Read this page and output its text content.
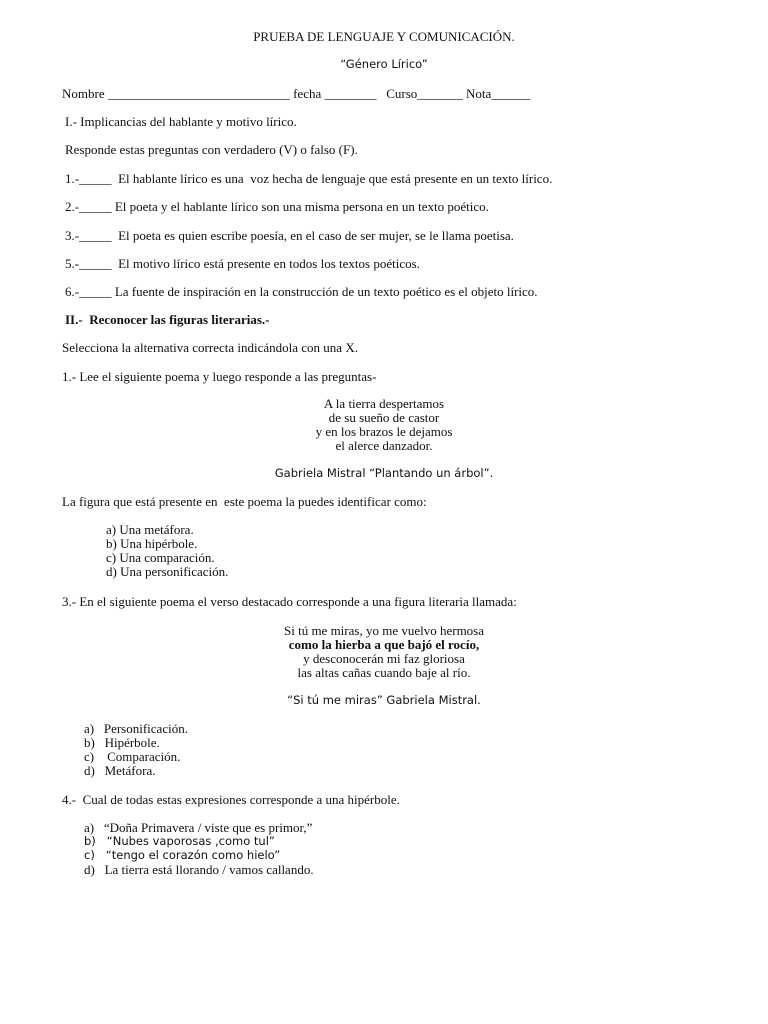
PRUEBA DE LENGUAJE Y COMUNICACIÓN.
“Género Lírico”
Nombre ____________________________ fecha ________   Curso_______ Nota______
I.- Implicancias del hablante y motivo lírico.
Responde estas preguntas con verdadero (V) o falso (F).
1.-_____  El hablante lírico es una  voz hecha de lenguaje que está presente en un texto lírico.
2.-_____ El poeta y el hablante lírico son una misma persona en un texto poético.
3.-_____  El poeta es quien escribe poesía, en el caso de ser mujer, se le llama poetisa.
5.-_____  El motivo lírico está presente en todos los textos poéticos.
6.-_____ La fuente de inspiración en la construcción de un texto poético es el objeto lírico.
II.-  Reconocer las figuras literarias.-
Selecciona la alternativa correcta indicándola con una X.
1.- Lee el siguiente poema y luego responde a las preguntas-
A la tierra despertamos
de su sueño de castor
y en los brazos le dejamos
el alerce danzador.
Gabriela Mistral “Plantando un árbol”.
La figura que está presente en  este poema la puedes identificar como:
a) Una metáfora.
b) Una hipérbole.
c) Una comparación.
d) Una personificación.
3.- En el siguiente poema el verso destacado corresponde a una figura literaria llamada:
Si tú me miras, yo me vuelvo hermosa
como la hierba a que bajó el rocío,
y desconocerán mi faz gloriosa
las altas cañas cuando baje al río.
“Si tú me miras” Gabriela Mistral.
a)   Personificación.
b)   Hipérbole.
c)    Comparación.
d)   Metáfora.
4.-  Cual de todas estas expresiones corresponde a una hipérbole.
a)   “Doña Primavera / viste que es primor,”
b)   “Nubes vaporosas ,como tul”
c)   “tengo el corazón como hielo”
d)   La tierra está llorando / vamos callando.
